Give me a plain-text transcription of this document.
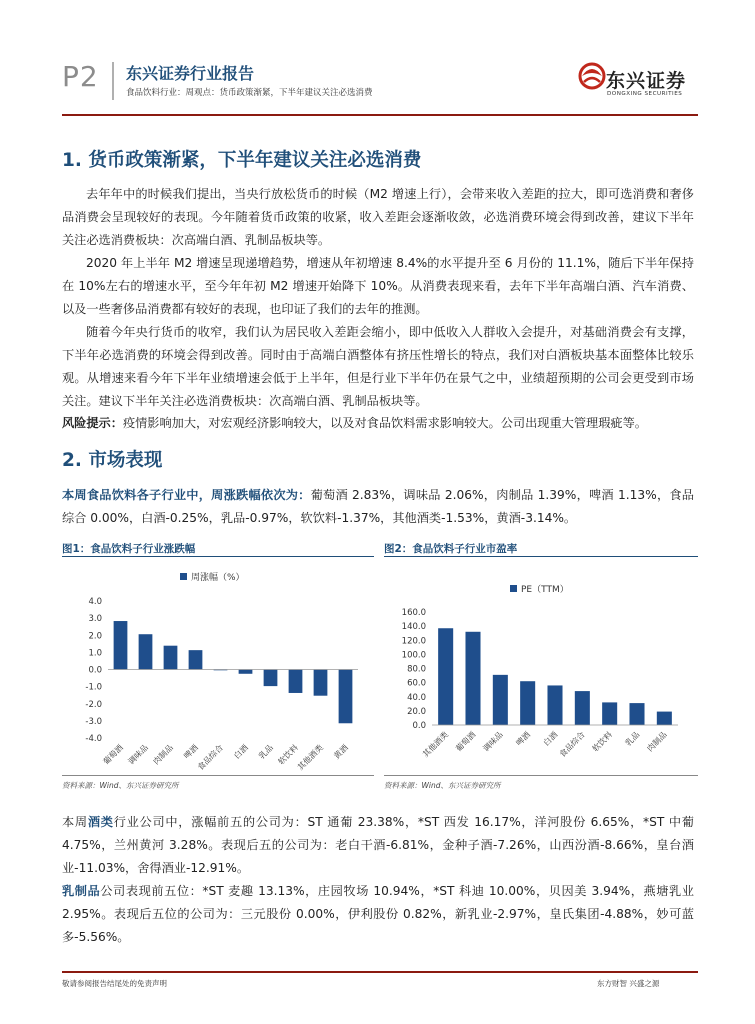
P2 东兴证券行业报告
食品饮料行业：周观点：货币政策渐紧，下半年建议关注必选消费
东兴证券
DONGXING SECURITIES
1. 货币政策渐紧，下半年建议关注必选消费
去年年中的时候我们提出，当央行放松货币的时候（M2 增速上行），会带来收入差距的拉大，即可选消费和奢侈品消费会呈现较好的表现。今年随着货币政策的收紧，收入差距会逐渐收敛，必选消费环境会得到改善，建议下半年关注必选消费板块：次高端白酒、乳制品板块等。
2020 年上半年 M2 增速呈现递增趋势，增速从年初增速 8.4%的水平提升至 6 月份的 11.1%，随后下半年保持在 10%左右的增速水平，至今年年初 M2 增速开始降下 10%。从消费表现来看，去年下半年高端白酒、汽车消费、以及一些奢侈品消费都有较好的表现，也印证了我们的去年的推测。
随着今年央行货币的收窄，我们认为居民收入差距会缩小，即中低收入人群收入会提升，对基础消费会有支撑，下半年必选消费的环境会得到改善。同时由于高端白酒整体有挤压性增长的特点，我们对白酒板块基本面整体比较乐观。从增速来看今年下半年业绩增速会低于上半年，但是行业下半年仍在景气之中，业绩超预期的公司会更受到市场关注。建议下半年关注必选消费板块：次高端白酒、乳制品板块等。
风险提示：疫情影响加大，对宏观经济影响较大，以及对食品饮料需求影响较大。公司出现重大管理瑕疵等。
2. 市场表现
本周食品饮料各子行业中，周涨跌幅依次为：葡萄酒 2.83%，调味品 2.06%，肉制品 1.39%，啤酒 1.13%，食品综合 0.00%，白酒-0.25%，乳品-0.97%，软饮料-1.37%，其他酒类-1.53%，黄酒-3.14%。
图1：食品饮料子行业涨跌幅
周涨幅（%）
4.0
3.0
2.0
1.0
0.0
-1.0
-2.0
-3.0
-4.0
葡萄酒 调味品 肉制品 啤酒
食品综合 白酒 乳品 软饮料
其他酒类 黄酒
资料来源：Wind、东兴证券研究所
图2：食品饮料子行业市盈率
PE（TTM）
160.0
140.0
120.0
100.0
80.0
60.0
40.0
20.0
0.0
其他酒类 葡萄酒 调味品 啤酒 白酒
食品综合 软饮料 乳品 肉制品
资料来源：Wind、东兴证券研究所
本周酒类行业公司中，涨幅前五的公司为：ST 通葡 23.38%，*ST 西发 16.17%，洋河股份 6.65%，*ST 中葡 4.75%，兰州黄河 3.28%。表现后五的公司为：老白干酒-6.81%，金种子酒-7.26%，山西汾酒-8.66%，皇台酒业-11.03%，舍得酒业-12.91%。
乳制品公司表现前五位：*ST 麦趣 13.13%，庄园牧场 10.94%，*ST 科迪 10.00%，贝因美 3.94%，燕塘乳业 2.95%。表现后五位的公司为：三元股份 0.00%，伊利股份 0.82%，新乳业-2.97%，皇氏集团-4.88%，妙可蓝多-5.56%。
敬请参阅报告结尾处的免责声明	东方财智 兴盛之源
